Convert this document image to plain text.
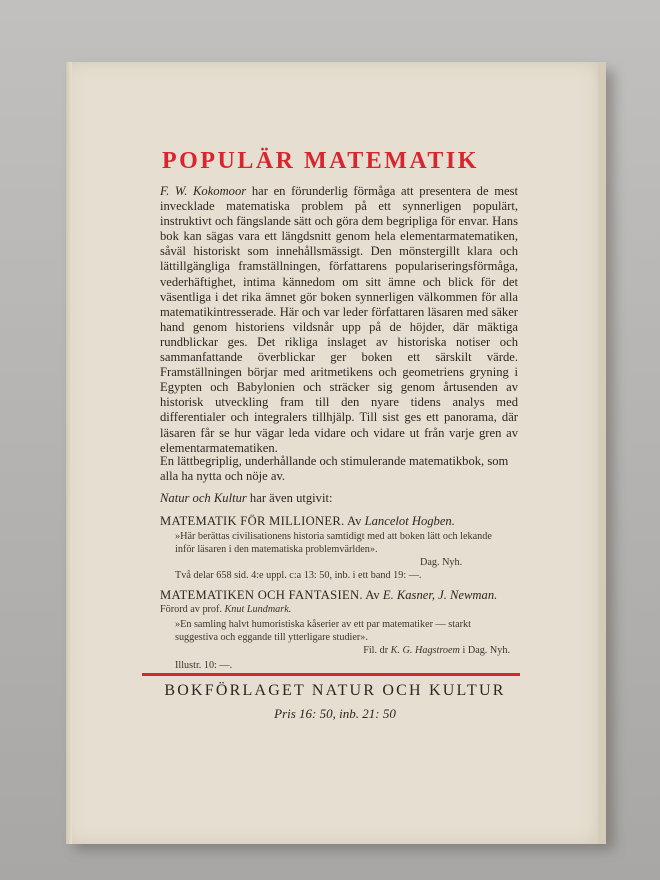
POPULÄR MATEMATIK

F. W. Kokomoor har en förunderlig förmåga att presentera de mest invecklade matematiska problem på ett synnerligen populärt, instruktivt och fängslande sätt och göra dem begripliga för envar. Hans bok kan sägas vara ett längdsnitt genom hela elementarmatematiken, såväl historiskt som innehållsmässigt. Den mönstergillt klara och lättillgängliga framställningen, författarens populariseringsförmåga, vederhäftighet, intima kännedom om sitt ämne och blick för det väsentliga i det rika ämnet gör boken synnerligen välkommen för alla matematikintresserade. Här och var leder författaren läsaren med säker hand genom historiens vildsnår upp på de höjder, där mäktiga rundblickar ges. Det rikliga inslaget av historiska notiser och sammanfattande överblickar ger boken ett särskilt värde. Framställningen börjar med aritmetikens och geometriens gryning i Egypten och Babylonien och sträcker sig genom årtusenden av historisk utveckling fram till den nyare tidens analys med differentialer och integralers tillhjälp. Till sist ges ett panorama, där läsaren får se hur vägar leda vidare och vidare ut från varje gren av elementarmatematiken.

En lättbegriplig, underhållande och stimulerande matematikbok, som alla ha nytta och nöje av.

Natur och Kultur har även utgivit:

MATEMATIK FÖR MILLIONER. Av Lancelot Hogben.

»Här berättas civilisationens historia samtidigt med att boken lätt och lekande inför läsaren i den matematiska problemvärlden».

Dag. Nyh.

Två delar 658 sid. 4:e uppl. c:a 13: 50, inb. i ett band 19: —.

MATEMATIKEN OCH FANTASIEN. Av E. Kasner, J. Newman.

Förord av prof. Knut Lundmark.

»En samling halvt humoristiska kåserier av ett par matematiker — starkt suggestiva och eggande till ytterligare studier».

Fil. dr K. G. Hagstroem i Dag. Nyh.

Illustr. 10: —.

BOKFÖRLAGET NATUR OCH KULTUR

Pris 16: 50, inb. 21: 50
